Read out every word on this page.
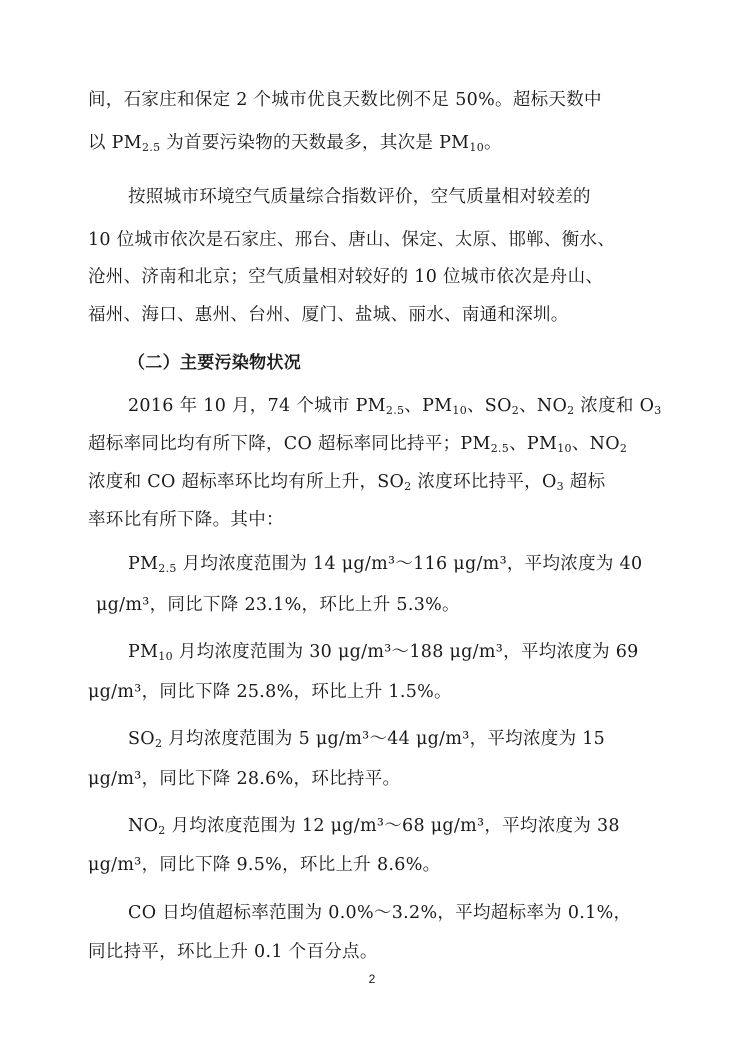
间，石家庄和保定 2 个城市优良天数比例不足 50%。超标天数中
以 $PM_{2.5}$ 为首要污染物的天数最多，其次是 $PM_{10}$。
按照城市环境空气质量综合指数评价，空气质量相对较差的
10 位城市依次是石家庄、邢台、唐山、保定、太原、邯郸、衡水、
沧州、济南和北京；空气质量相对较好的 10 位城市依次是舟山、
福州、海口、惠州、台州、厦门、盐城、丽水、南通和深圳。
（二）主要污染物状况
2016 年 10 月，74 个城市 $PM_{2.5}$、$PM_{10}$、$SO_2$、$NO_2$ 浓度和 $O_3$
超标率同比均有所下降，CO 超标率同比持平；$PM_{2.5}$、$PM_{10}$、$NO_2$
浓度和 CO 超标率环比均有所上升，$SO_2$ 浓度环比持平，$O_3$ 超标
率环比有所下降。其中：
$PM_{2.5}$ 月均浓度范围为 14 μg/m³～116 μg/m³，平均浓度为 40
μg/m³，同比下降 23.1%，环比上升 5.3%。
$PM_{10}$ 月均浓度范围为 30 μg/m³～188 μg/m³，平均浓度为 69
μg/m³，同比下降 25.8%，环比上升 1.5%。
$SO_2$ 月均浓度范围为 5 μg/m³～44 μg/m³，平均浓度为 15
μg/m³，同比下降 28.6%，环比持平。
$NO_2$ 月均浓度范围为 12 μg/m³～68 μg/m³，平均浓度为 38
μg/m³，同比下降 9.5%，环比上升 8.6%。
CO 日均值超标率范围为 0.0%～3.2%，平均超标率为 0.1%，
同比持平，环比上升 0.1 个百分点。
2
